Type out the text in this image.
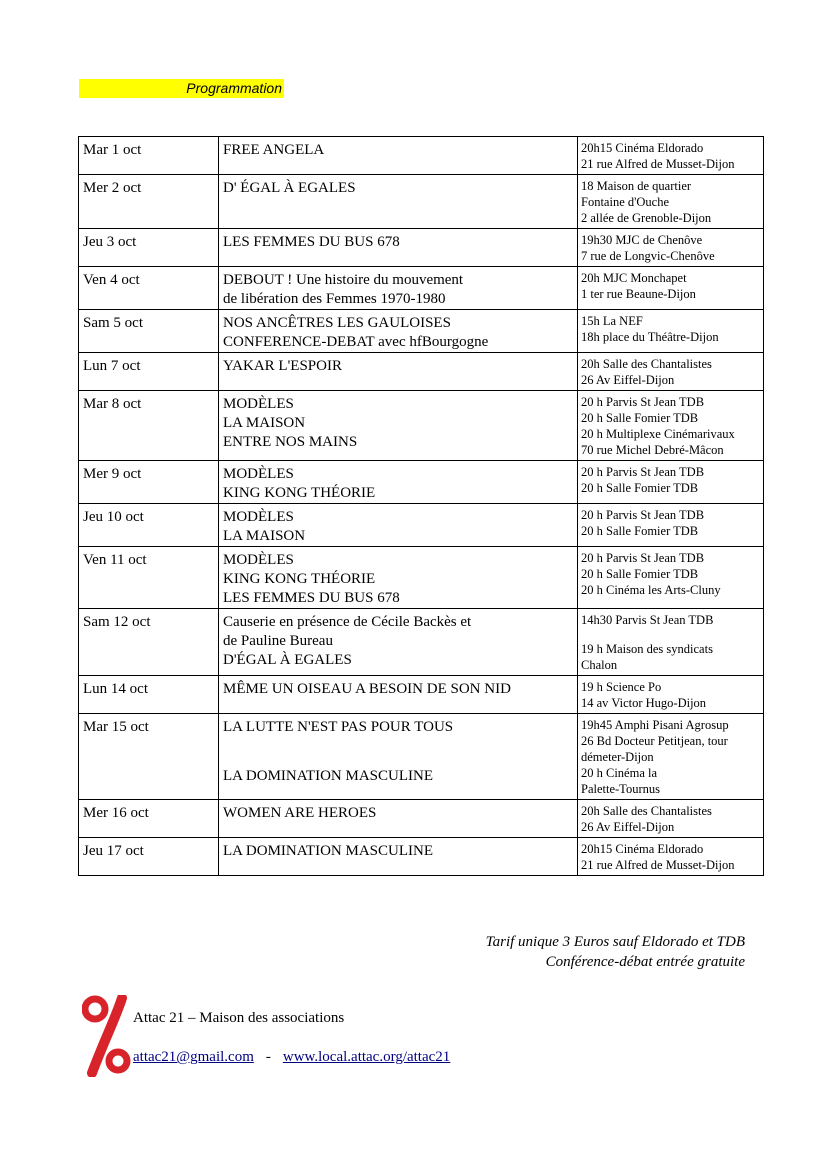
Programmation
Mar 1 oct	FREE ANGELA	20h15 Cinéma Eldorado
21 rue Alfred de Musset-Dijon

Mer 2 oct	D' ÉGAL À EGALES	18 Maison de quartier
Fontaine d'Ouche
2 allée de Grenoble-Dijon

Jeu 3 oct	LES FEMMES DU BUS 678	19h30 MJC de Chenôve
7 rue de Longvic-Chenôve

Ven 4 oct	DEBOUT ! Une histoire du mouvement
de libération des Femmes 1970-1980	20h MJC Monchapet
1 ter rue Beaune-Dijon

Sam 5 oct	NOS ANCÊTRES LES GAULOISES
CONFERENCE-DEBAT avec hfBourgogne	15h La NEF
18h place du Théâtre-Dijon

Lun 7 oct	YAKAR L'ESPOIR	20h Salle des Chantalistes
26 Av Eiffel-Dijon

Mar 8 oct	MODÈLES
LA MAISON
ENTRE NOS MAINS	20 h Parvis St Jean TDB
20 h Salle Fomier TDB
20 h Multiplexe Cinémarivaux
70 rue Michel Debré-Mâcon

Mer 9 oct	MODÈLES
KING KONG THÉORIE	20 h Parvis St Jean TDB
20 h Salle Fomier TDB

Jeu 10 oct	MODÈLES
LA MAISON	20 h Parvis St Jean TDB
20 h Salle Fomier TDB

Ven 11 oct	MODÈLES
KING KONG THÉORIE
LES FEMMES DU BUS 678	20 h Parvis St Jean TDB
20 h Salle Fomier TDB
20 h Cinéma les Arts-Cluny

Sam 12 oct	Causerie en présence de Cécile Backès et
de Pauline Bureau
D'ÉGAL À EGALES	14h30 Parvis St Jean TDB
19 h Maison des syndicats
Chalon

Lun 14 oct	MÊME UN OISEAU A BESOIN DE SON NID	19 h Science Po
14 av Victor Hugo-Dijon

Mar 15 oct	LA LUTTE N'EST PAS POUR TOUS
LA DOMINATION MASCULINE	19h45 Amphi Pisani Agrosup
26 Bd Docteur Petitjean, tour
démeter-Dijon
20 h Cinéma la
Palette-Tournus

Mer 16 oct	WOMEN ARE HEROES	20h Salle des Chantalistes
26 Av Eiffel-Dijon

Jeu 17 oct	LA DOMINATION MASCULINE	20h15 Cinéma Eldorado
21 rue Alfred de Musset-Dijon
Tarif unique 3 Euros sauf Eldorado et TDB
Conférence-débat entrée gratuite
Attac 21 – Maison des associations
attac21@gmail.com - www.local.attac.org/attac21
